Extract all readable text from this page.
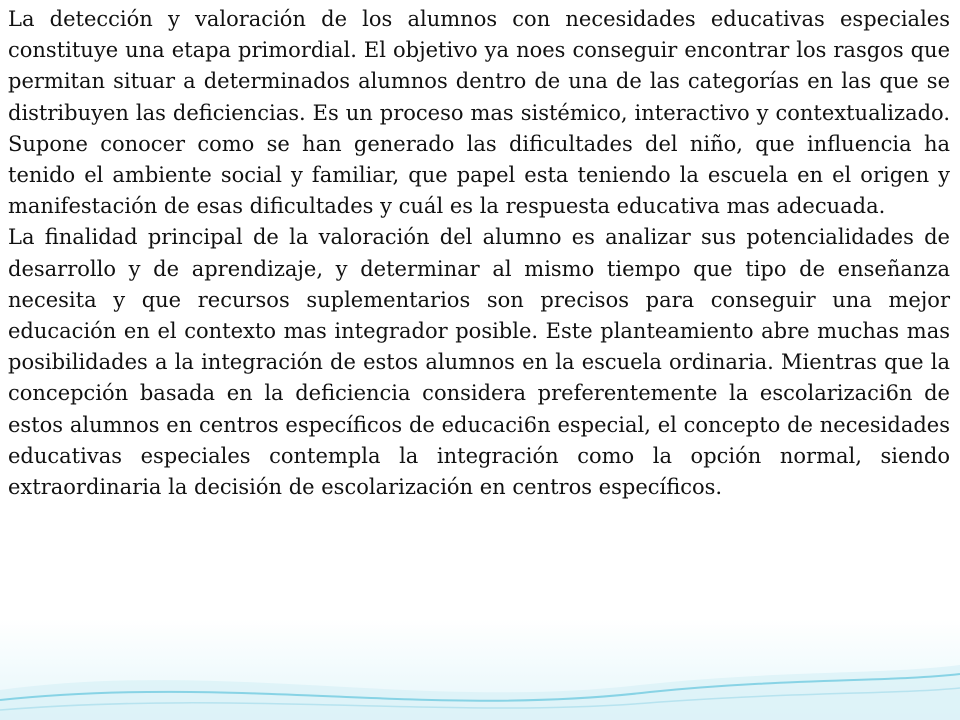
La detección y valoración de los alumnos con necesidades educativas especiales constituye una etapa primordial. El objetivo ya noes conseguir encontrar los rasgos que permitan situar a determinados alumnos dentro de una de las categorías en las que se distribuyen las deficiencias. Es un proceso mas sistémico, interactivo y contextualizado. Supone conocer como se han generado las dificultades del niño, que influencia ha tenido el ambiente social y familiar, que papel esta teniendo la escuela en el origen y manifestación de esas dificultades y cuál es la respuesta educativa mas adecuada.

La finalidad principal de la valoración del alumno es analizar sus potencialidades de desarrollo y de aprendizaje, y determinar al mismo tiempo que tipo de enseñanza necesita y que recursos suplementarios son precisos para conseguir una mejor educación en el contexto mas integrador posible. Este planteamiento abre muchas mas posibilidades a la integración de estos alumnos en la escuela ordinaria. Mientras que la concepción basada en la deficiencia considera preferentemente la escolarizaci6n de estos alumnos en centros específicos de educaci6n especial, el concepto de necesidades educativas especiales contempla la integración como la opción normal, siendo extraordinaria la decisión de escolarización en centros específicos.
